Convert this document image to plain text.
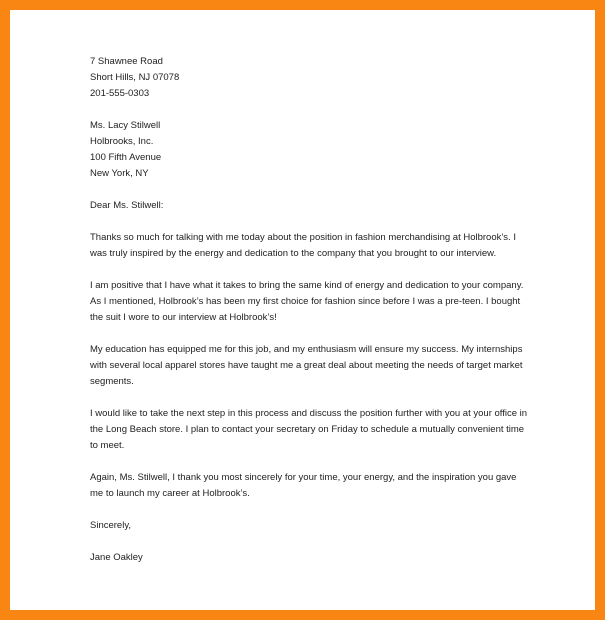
7 Shawnee Road
Short Hills, NJ 07078
201-555-0303
Ms. Lacy Stilwell
Holbrooks, Inc.
100 Fifth Avenue
New York, NY
Dear Ms. Stilwell:
Thanks so much for talking with me today about the position in fashion merchandising at Holbrook’s. I
was truly inspired by the energy and dedication to the company that you brought to our interview.
I am positive that I have what it takes to bring the same kind of energy and dedication to your company.
As I mentioned, Holbrook’s has been my first choice for fashion since before I was a pre-teen. I bought
the suit I wore to our interview at Holbrook’s!
My education has equipped me for this job, and my enthusiasm will ensure my success. My internships
with several local apparel stores have taught me a great deal about meeting the needs of target market
segments.
I would like to take the next step in this process and discuss the position further with you at your office in
the Long Beach store. I plan to contact your secretary on Friday to schedule a mutually convenient time
to meet.
Again, Ms. Stilwell, I thank you most sincerely for your time, your energy, and the inspiration you gave
me to launch my career at Holbrook’s.
Sincerely,
Jane Oakley
